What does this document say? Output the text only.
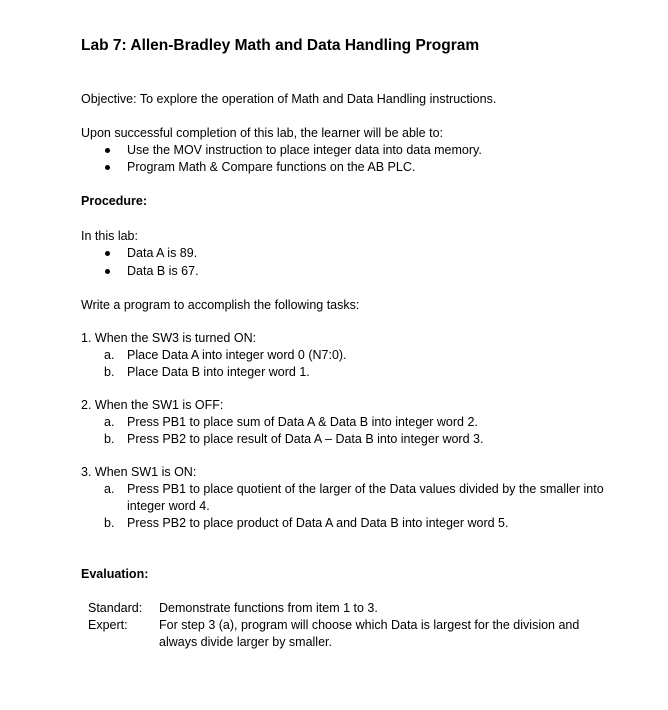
Lab 7: Allen-Bradley Math and Data Handling Program
Objective: To explore the operation of Math and Data Handling instructions.
Upon successful completion of this lab, the learner will be able to:
Use the MOV instruction to place integer data into data memory.
Program Math & Compare functions on the AB PLC.
Procedure:
In this lab:
Data A is 89.
Data B is 67.
Write a program to accomplish the following tasks:
1. When the SW3 is turned ON:
a. Place Data A into integer word 0 (N7:0).
b. Place Data B into integer word 1.
2. When the SW1 is OFF:
a. Press PB1 to place sum of Data A & Data B into integer word 2.
b. Press PB2 to place result of Data A – Data B into integer word 3.
3. When SW1 is ON:
a. Press PB1 to place quotient of the larger of the Data values divided by the smaller into
integer word 4.
b. Press PB2 to place product of Data A and Data B into integer word 5.
Evaluation:
Standard: Demonstrate functions from item 1 to 3.
Expert:	For step 3 (a), program will choose which Data is largest for the division and
always divide larger by smaller.
